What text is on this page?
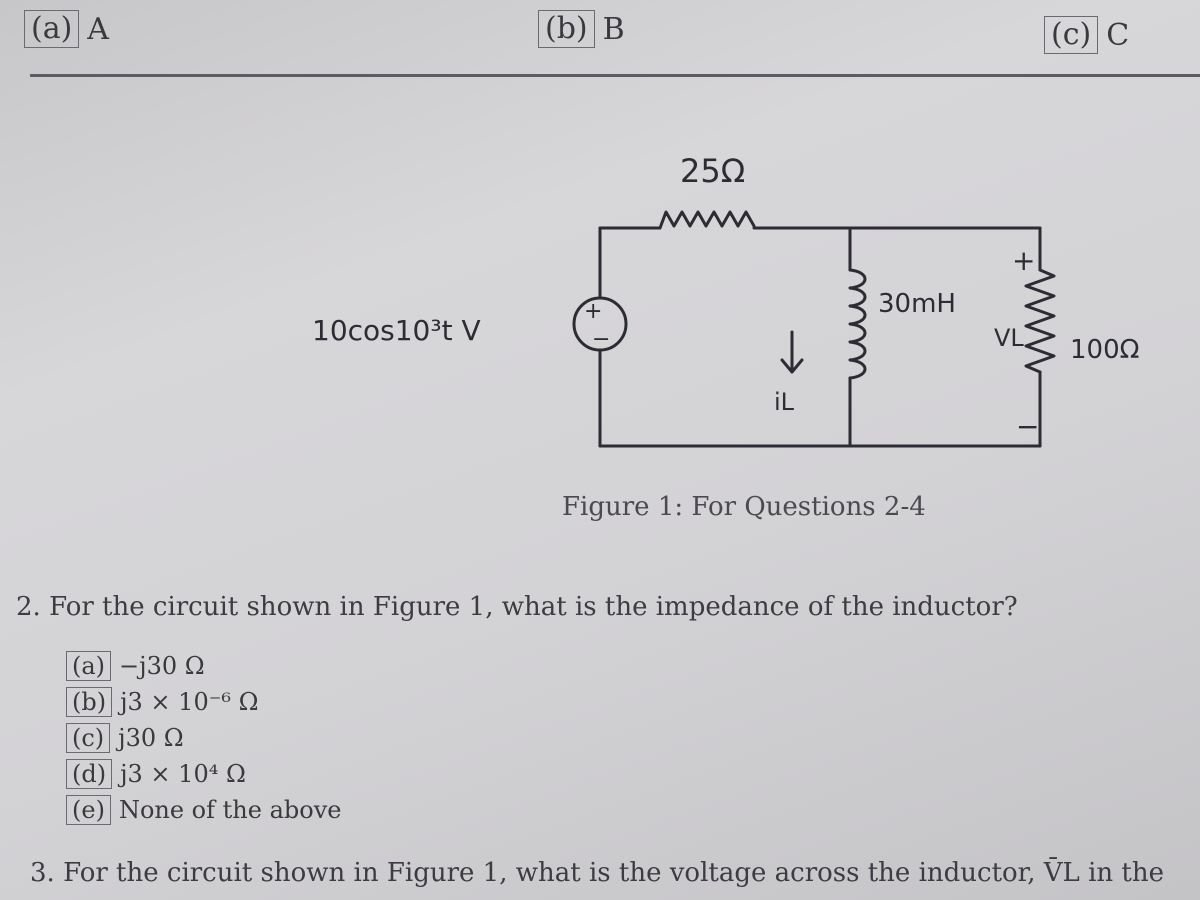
(a) A	(b) B	(c) C
+
−
25Ω
10cos10³t V
iL
30mH
+
VL
−
100Ω
Figure 1: For Questions 2-4
2. For the circuit shown in Figure 1, what is the impedance of the inductor?
(a) −j30 Ω
(b) j3 × 10⁻⁶ Ω
(c) j30 Ω
(d) j3 × 10⁴ Ω
(e) None of the above
3. For the circuit shown in Figure 1, what is the voltage across the inductor, V̄L in the
